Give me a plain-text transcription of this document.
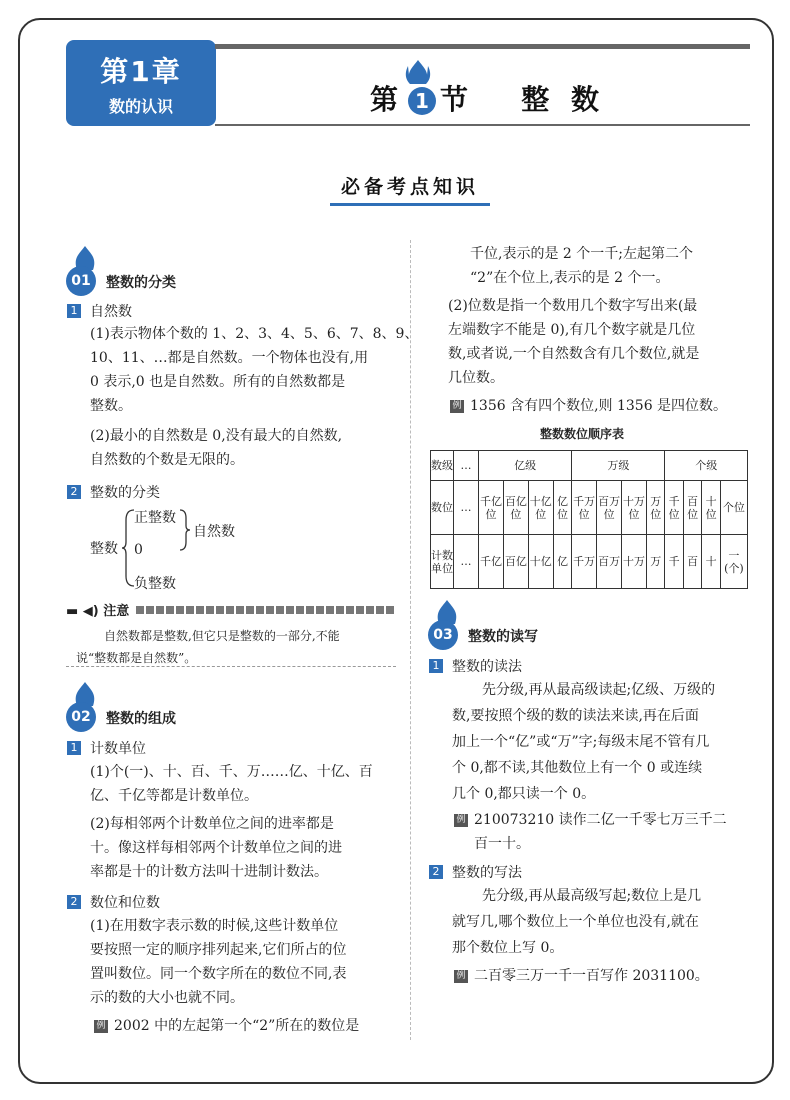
第1章
数的认识	第 1 节 整 数
必备考点知识
01	整数的分类
1 自然数
(1)表示物体个数的 1、2、3、4、5、6、7、8、9、
10、11、…都是自然数。一个物体也没有,用
0 表示,0 也是自然数。所有的自然数都是
整数。
(2)最小的自然数是 0,没有最大的自然数,
自然数的个数是无限的。
2 整数的分类
整数
正整数
0
负整数
自然数
▬ ◀) 注意
自然数都是整数,但它只是整数的一部分,不能
说“整数都是自然数”。
02	整数的组成
1 计数单位
(1)个(一)、十、百、千、万……亿、十亿、百
亿、千亿等都是计数单位。
(2)每相邻两个计数单位之间的进率都是
十。像这样每相邻两个计数单位之间的进
率都是十的计数方法叫十进制计数法。
2 数位和位数
(1)在用数字表示数的时候,这些计数单位
要按照一定的顺序排列起来,它们所占的位
置叫数位。同一个数字所在的数位不同,表
示的数的大小也就不同。
例 2002 中的左起第一个“2”所在的数位是
千位,表示的是 2 个一千;左起第二个
“2”在个位上,表示的是 2 个一。
(2)位数是指一个数用几个数字写出来(最
左端数字不能是 0),有几个数字就是几位
数,或者说,一个自然数含有几个数位,就是
几位数。
例 1356 含有四个数位,则 1356 是四位数。
整数数位顺序表
数级	…	亿级				万级				个级			
数位	…	千亿位	百亿位	十亿位	亿位	千万位	百万位	十万位	万位	千位	百位	十位	个位
计数单位	…	千亿	百亿	十亿	亿	千万	百万	十万	万	千	百	十	一(个)
03	整数的读写
1 整数的读法
先分级,再从最高级读起;亿级、万级的
数,要按照个级的数的读法来读,再在后面
加上一个“亿”或“万”字;每级末尾不管有几
个 0,都不读,其他数位上有一个 0 或连续
几个 0,都只读一个 0。
例 210073210 读作二亿一千零七万三千二
百一十。
2 整数的写法
先分级,再从最高级写起;数位上是几
就写几,哪个数位上一个单位也没有,就在
那个数位上写 0。
例 二百零三万一千一百写作 2031100。
